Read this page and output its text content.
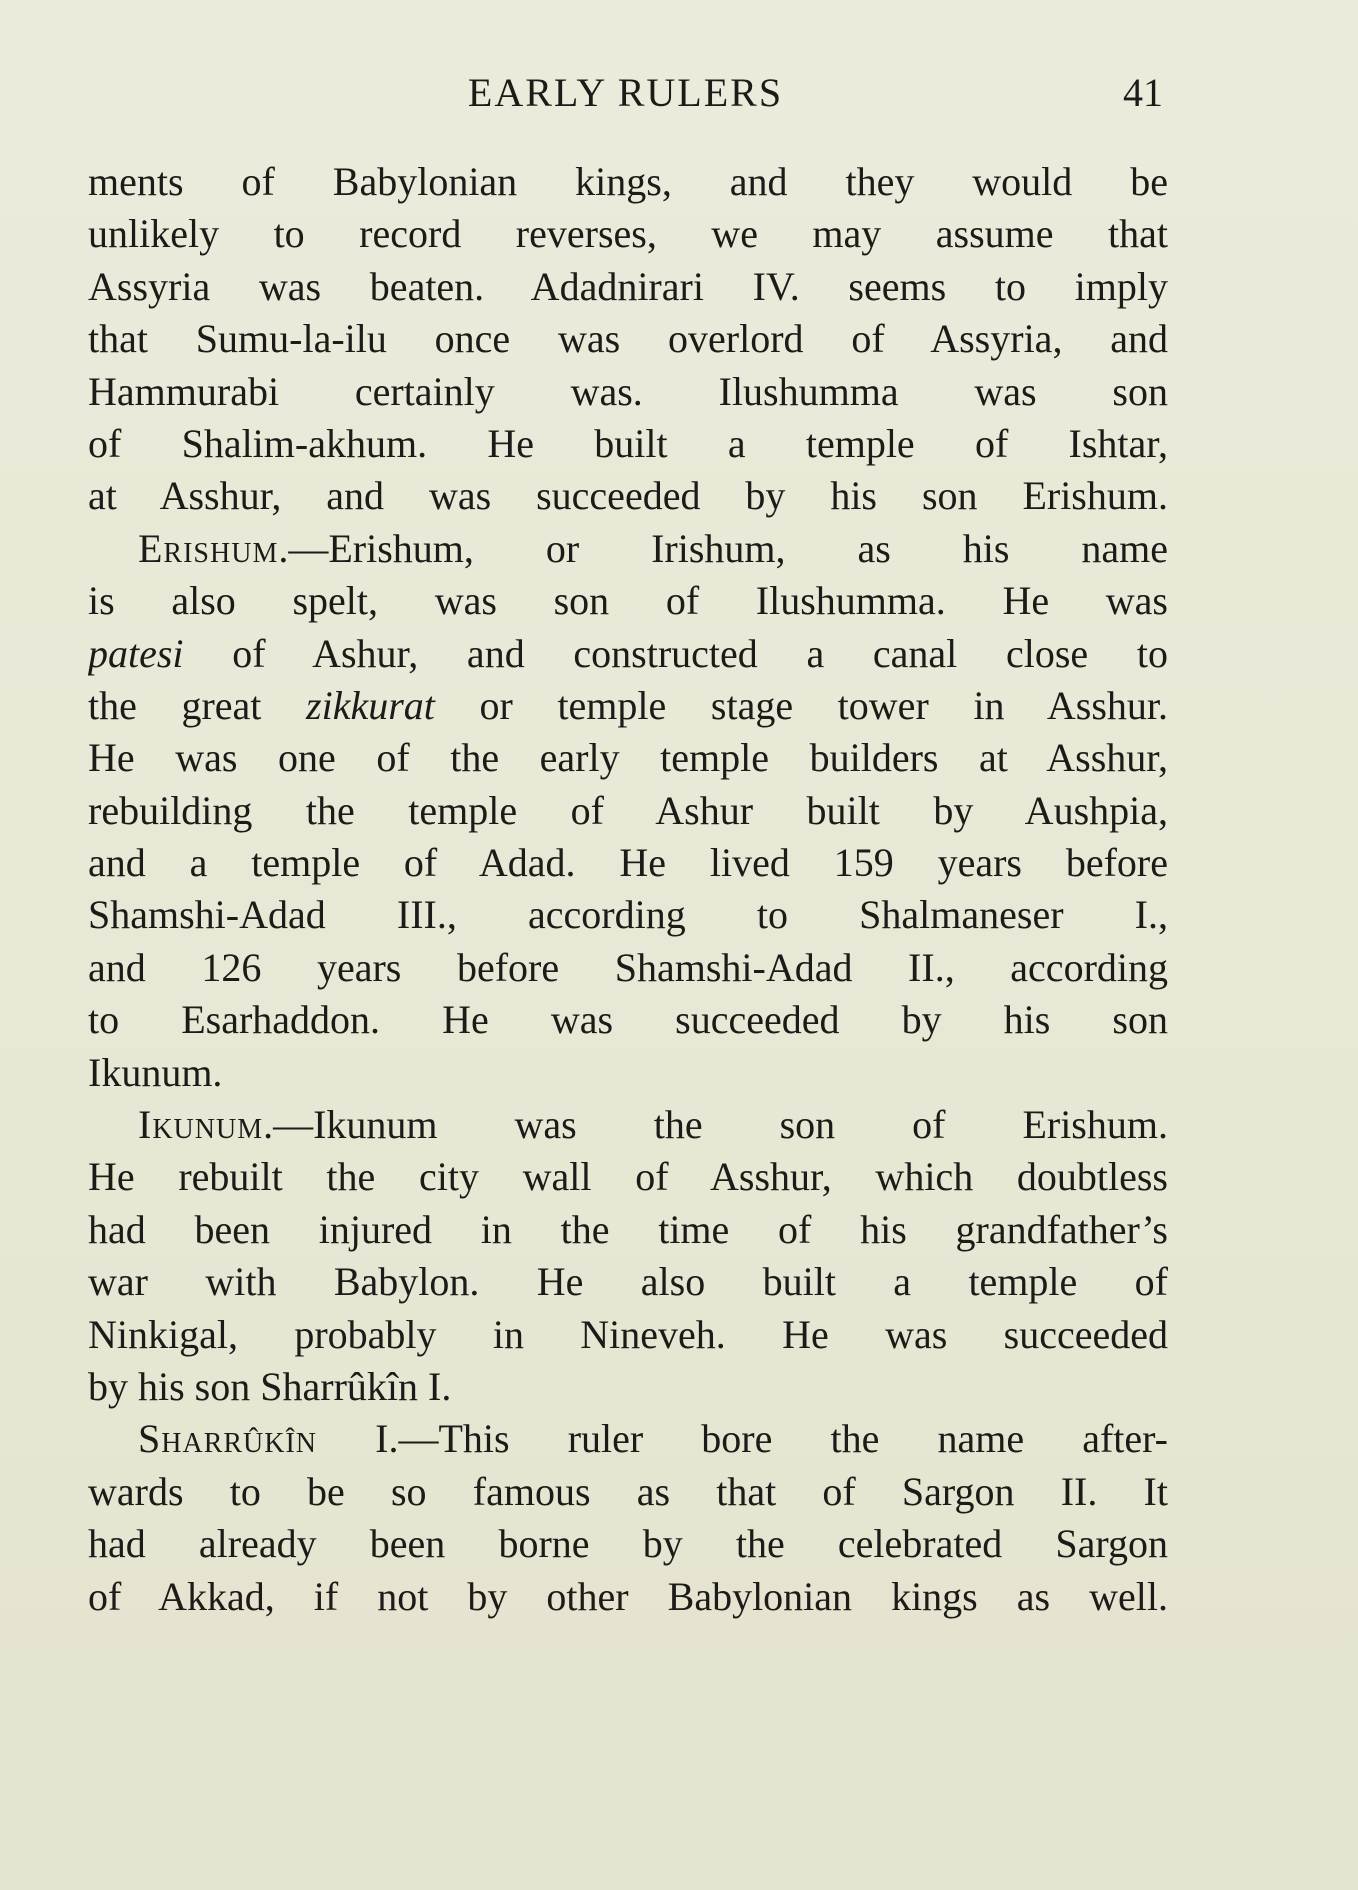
EARLY RULERS	41
ments of Babylonian kings, and they would be
unlikely to record reverses, we may assume that
Assyria was beaten. Adadnirari IV. seems to imply
that Sumu-la-ilu once was overlord of Assyria, and
Hammurabi certainly was. Ilushumma was son
of Shalim-akhum. He built a temple of Ishtar,
at Asshur, and was succeeded by his son Erishum.
Erishum.—Erishum, or Irishum, as his name
is also spelt, was son of Ilushumma. He was
patesi of Ashur, and constructed a canal close to
the great zikkurat or temple stage tower in Asshur.
He was one of the early temple builders at Asshur,
rebuilding the temple of Ashur built by Aushpia,
and a temple of Adad. He lived 159 years before
Shamshi-Adad III., according to Shalmaneser I.,
and 126 years before Shamshi-Adad II., according
to Esarhaddon. He was succeeded by his son
Ikunum.
Ikunum.—Ikunum was the son of Erishum.
He rebuilt the city wall of Asshur, which doubtless
had been injured in the time of his grandfather’s
war with Babylon. He also built a temple of
Ninkigal, probably in Nineveh. He was succeeded
by his son Sharrûkîn I.
Sharrûkîn I.—This ruler bore the name after-
wards to be so famous as that of Sargon II. It
had already been borne by the celebrated Sargon
of Akkad, if not by other Babylonian kings as well.
